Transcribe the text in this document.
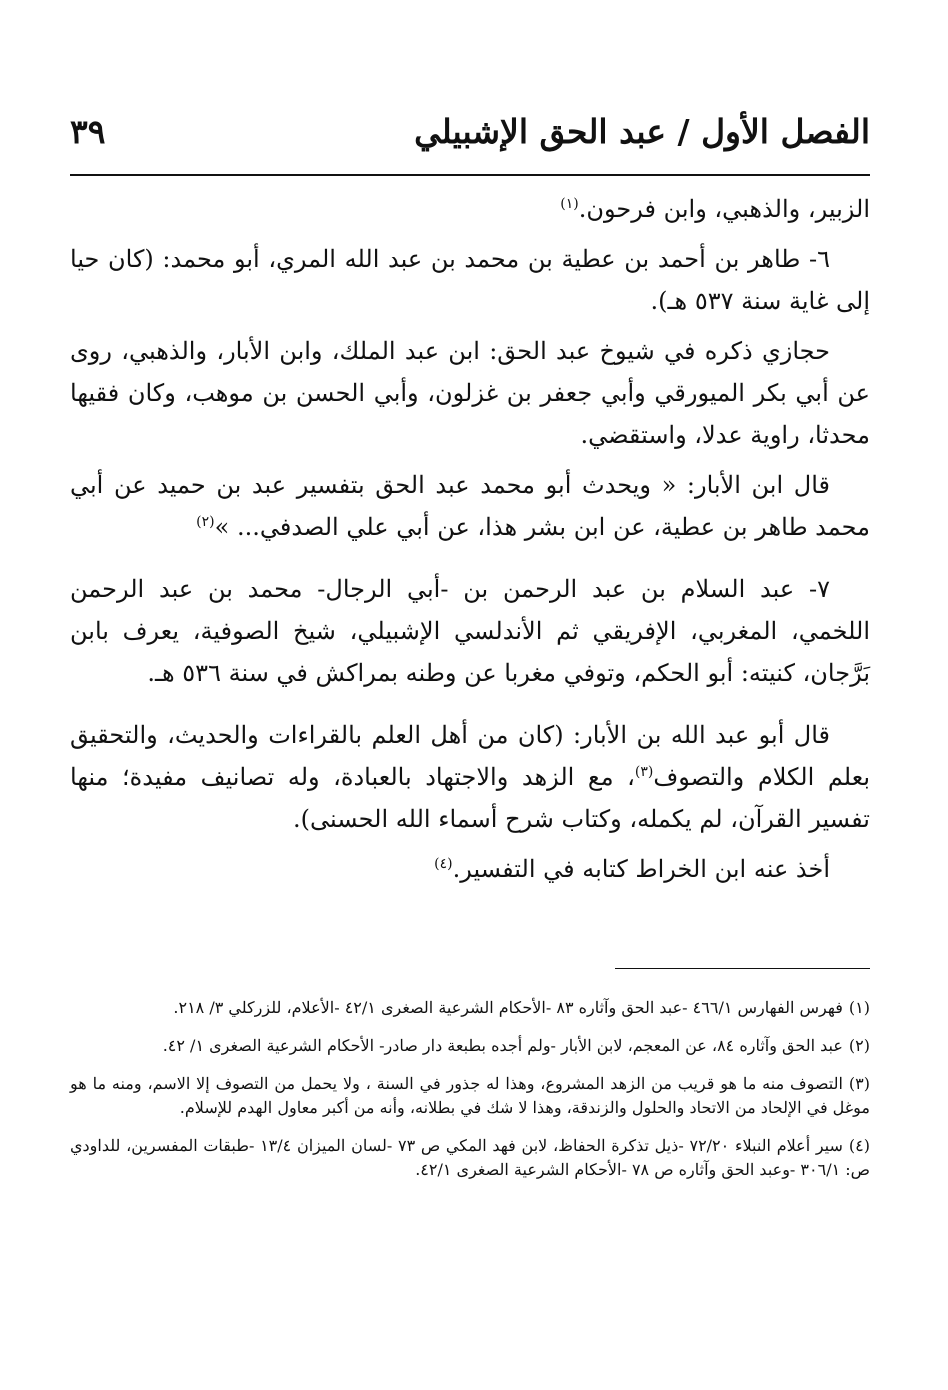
الفصل الأول / عبد الحق الإشبيلي
٣٩

الزبير، والذهبي، وابن فرحون.$^{(١)}$

٦- طاهر بن أحمد بن عطية بن محمد بن عبد الله المري، أبو محمد: (كان حيا إلى غاية سنة ٥٣٧ هـ).

حجازي ذكره في شيوخ عبد الحق: ابن عبد الملك، وابن الأبار، والذهبي، روى عن أبي بكر الميورقي وأبي جعفر بن غزلون، وأبي الحسن بن موهب، وكان فقيها محدثا، راوية عدلا، واستقضي.

قال ابن الأبار: « ويحدث أبو محمد عبد الحق بتفسير عبد بن حميد عن أبي محمد طاهر بن عطية، عن ابن بشر هذا، عن أبي علي الصدفي... »$^{(٢)}$

٧- عبد السلام بن عبد الرحمن بن -أبي الرجال- محمد بن عبد الرحمن اللخمي، المغربي، الإفريقي ثم الأندلسي الإشبيلي، شيخ الصوفية، يعرف بابن بَرَّجان، كنيته: أبو الحكم، وتوفي مغربا عن وطنه بمراكش في سنة ٥٣٦ هـ.

قال أبو عبد الله بن الأبار: (كان من أهل العلم بالقراءات والحديث، والتحقيق بعلم الكلام والتصوف$^{(٣)}$، مع الزهد والاجتهاد بالعبادة، وله تصانيف مفيدة؛ منها تفسير القرآن، لم يكمله، وكتاب شرح أسماء الله الحسنى).

أخذ عنه ابن الخراط كتابه في التفسير.$^{(٤)}$

(١)فهرس الفهارس ٤٦٦/١ -عبد الحق وآثاره ٨٣ -الأحكام الشرعية الصغرى ٤٢/١ -الأعلام، للزركلي ٣/ ٢١٨.

(٢)عبد الحق وآثاره ٨٤، عن المعجم، لابن الأبار -ولم أجده بطبعة دار صادر- الأحكام الشرعية الصغرى ١/ ٤٢.

(٣)التصوف منه ما هو قريب من الزهد المشروع، وهذا له جذور في السنة ، ولا يحمل من التصوف إلا الاسم، ومنه ما هو موغل في الإلحاد من الاتحاد والحلول والزندقة، وهذا لا شك في بطلانه، وأنه من أكبر معاول الهدم للإسلام.

(٤)سير أعلام النبلاء ٧٢/٢٠ -ذيل تذكرة الحفاظ، لابن فهد المكي ص ٧٣ -لسان الميزان ١٣/٤ -طبقات المفسرين، للداودي ص: ٣٠٦/١ -وعبد الحق وآثاره ص ٧٨ -الأحكام الشرعية الصغرى ٤٢/١.
